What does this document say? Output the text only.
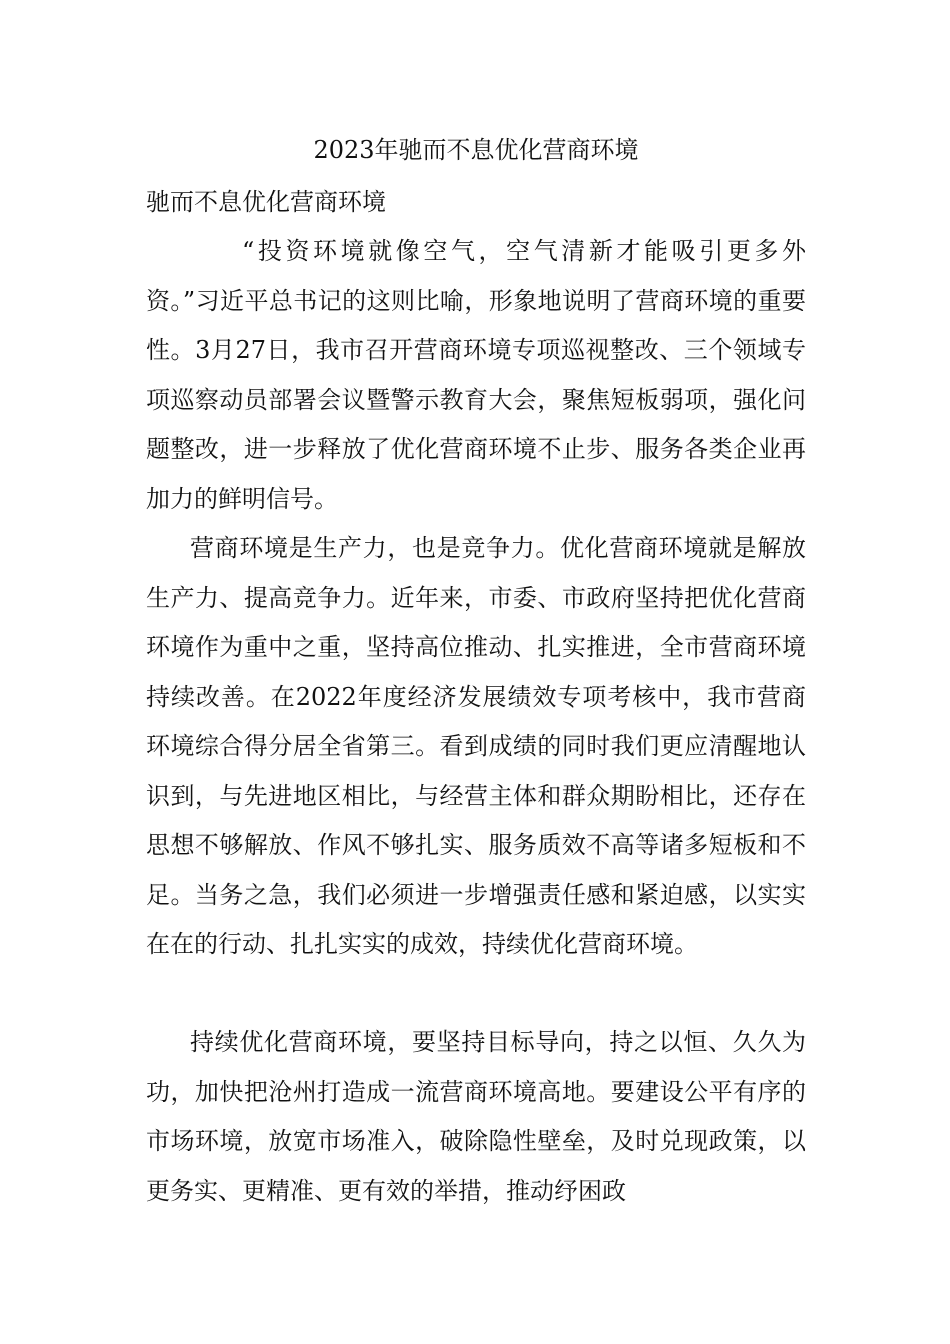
2023年驰而不息优化营商环境

驰而不息优化营商环境

“投资环境就像空气，空气清新才能吸引更多外资。”习近平总书记的这则比喻，形象地说明了营商环境的重要性。3月27日，我市召开营商环境专项巡视整改、三个领域专项巡察动员部署会议暨警示教育大会，聚焦短板弱项，强化问题整改，进一步释放了优化营商环境不止步、服务各类企业再加力的鲜明信号。

营商环境是生产力，也是竞争力。优化营商环境就是解放生产力、提高竞争力。近年来，市委、市政府坚持把优化营商环境作为重中之重，坚持高位推动、扎实推进，全市营商环境持续改善。在2022年度经济发展绩效专项考核中，我市营商环境综合得分居全省第三。看到成绩的同时我们更应清醒地认识到，与先进地区相比，与经营主体和群众期盼相比，还存在思想不够解放、作风不够扎实、服务质效不高等诸多短板和不足。当务之急，我们必须进一步增强责任感和紧迫感，以实实在在的行动、扎扎实实的成效，持续优化营商环境。

持续优化营商环境，要坚持目标导向，持之以恒、久久为功，加快把沧州打造成一流营商环境高地。要建设公平有序的市场环境，放宽市场准入，破除隐性壁垒，及时兑现政策，以更务实、更精准、更有效的举措，推动纾困政
